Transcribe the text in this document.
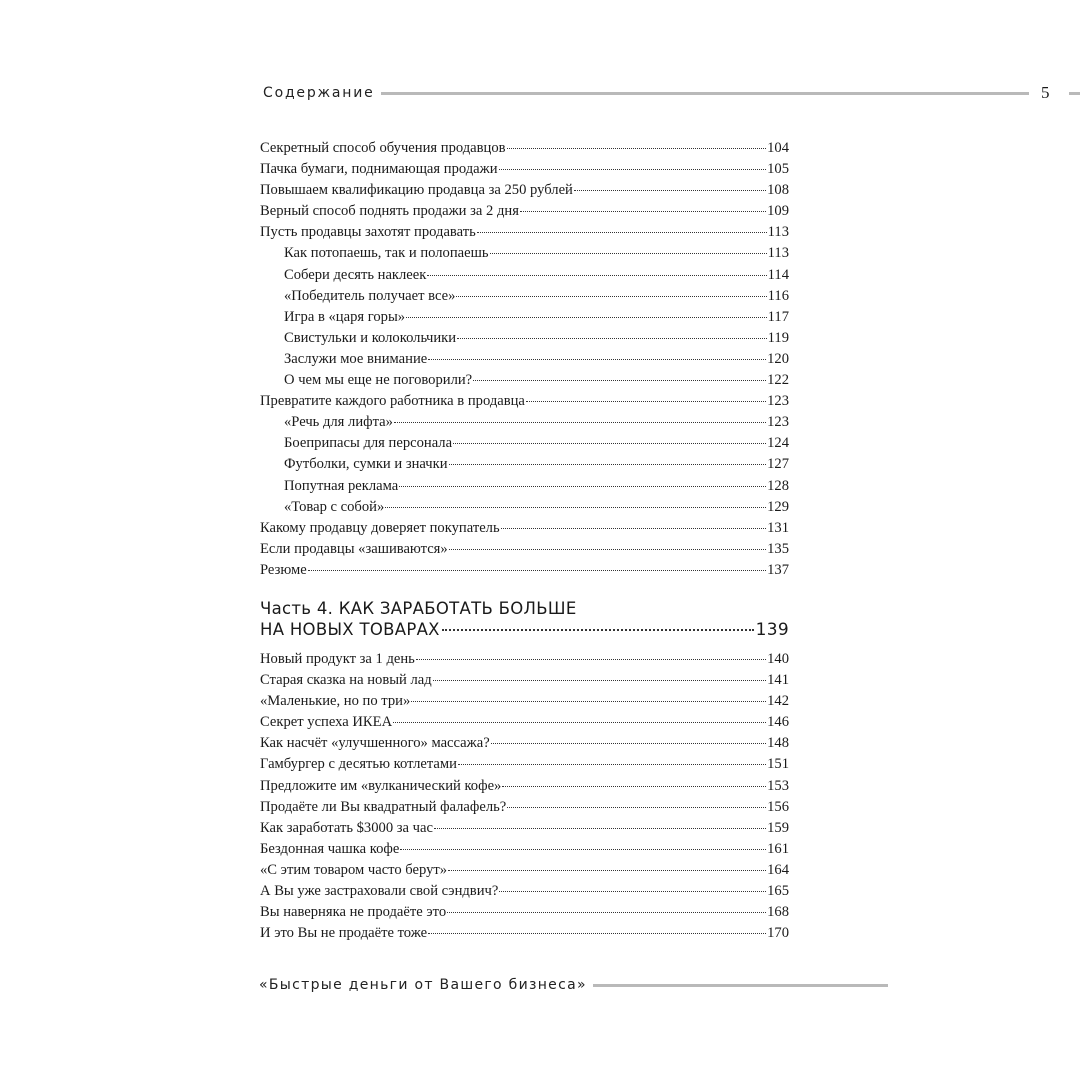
Содержание	5
Секретный способ обучения продавцов	104
Пачка бумаги, поднимающая продажи	105
Повышаем квалификацию продавца за 250 рублей	108
Верный способ поднять продажи за 2 дня	109
Пусть продавцы захотят продавать	113
Как потопаешь, так и полопаешь	113
Собери десять наклеек	114
«Победитель получает все»	116
Игра в «царя горы»	117
Свистульки и колокольчики	119
Заслужи мое внимание	120
О чем мы еще не поговорили?	122
Превратите каждого работника в продавца	123
«Речь для лифта»	123
Боеприпасы для персонала	124
Футболки, сумки и значки	127
Попутная реклама	128
«Товар с собой»	129
Какому продавцу доверяет покупатель	131
Если продавцы «зашиваются»	135
Резюме	137
Часть 4. КАК ЗАРАБОТАТЬ БОЛЬШЕ
НА НОВЫХ ТОВАРАХ	139
Новый продукт за 1 день	140
Старая сказка на новый лад	141
«Маленькие, но по три»	142
Секрет успеха ИКЕА	146
Как насчёт «улучшенного» массажа?	148
Гамбургер с десятью котлетами	151
Предложите им «вулканический кофе»	153
Продаёте ли Вы квадратный фалафель?	156
Как заработать $3000 за час	159
Бездонная чашка кофе	161
«С этим товаром часто берут»	164
А Вы уже застраховали свой сэндвич?	165
Вы наверняка не продаёте это	168
И это Вы не продаёте тоже	170
«Быстрые деньги от Вашего бизнеса»
